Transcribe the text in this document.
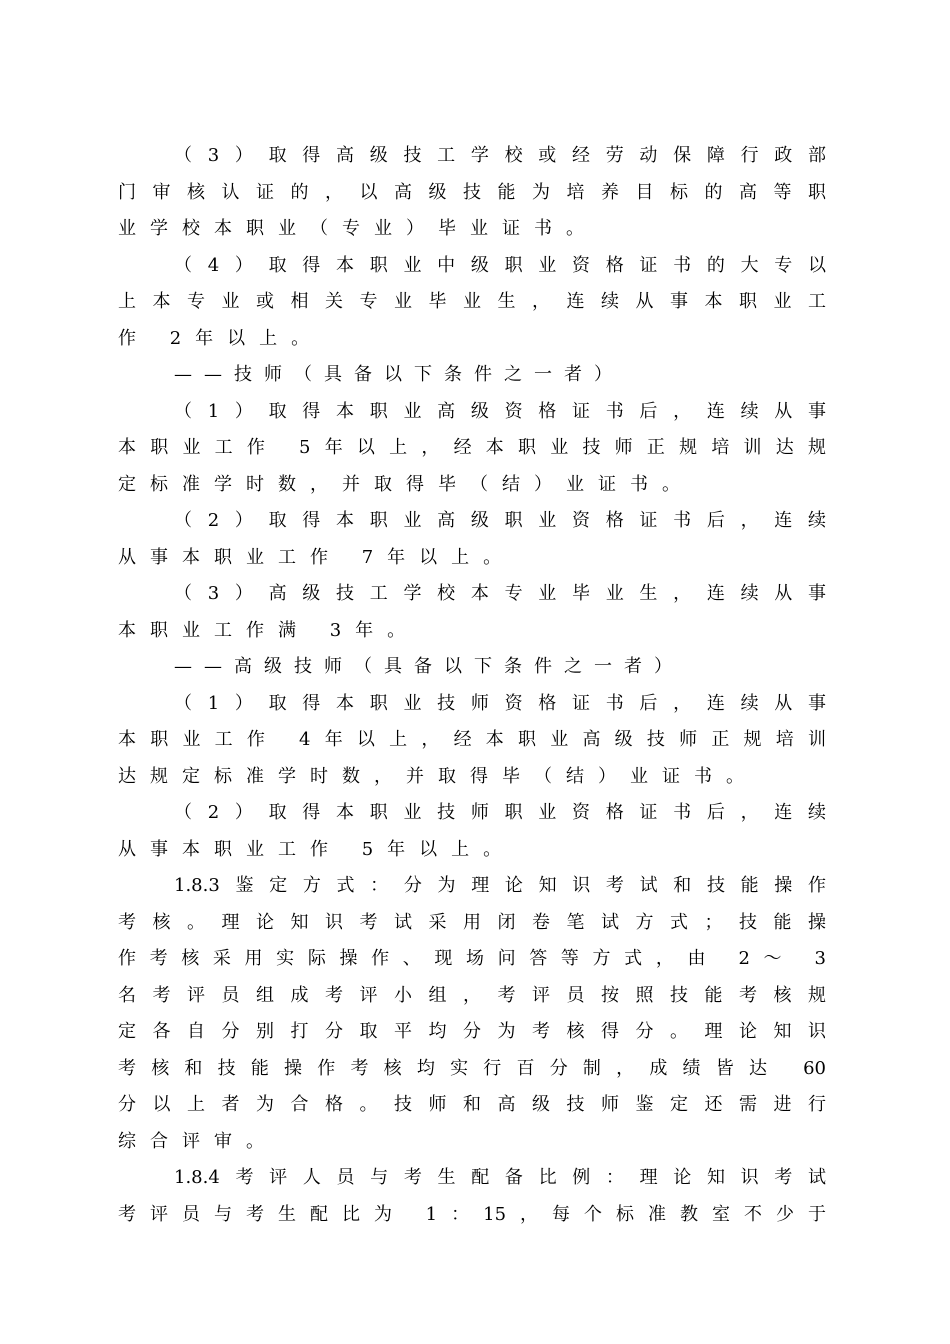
（3）取得高级技工学校或经劳动保障行政部
门审核认证的，以高级技能为培养目标的高等职
业学校本职业（专业）毕业证书。
（4）取得本职业中级职业资格证书的大专以
上本专业或相关专业毕业生，连续从事本职业工
作 2年以上。
——技师（具备以下条件之一者）
（1）取得本职业高级资格证书后，连续从事
本职业工作 5年以上，经本职业技师正规培训达规
定标准学时数，并取得毕（结）业证书。
（2）取得本职业高级职业资格证书后，连续
从事本职业工作 7年以上。
（3）高级技工学校本专业毕业生，连续从事
本职业工作满 3年。
——高级技师（具备以下条件之一者）
（1）取得本职业技师资格证书后，连续从事
本职业工作 4年以上，经本职业高级技师正规培训
达规定标准学时数，并取得毕（结）业证书。
（2）取得本职业技师职业资格证书后，连续
从事本职业工作 5年以上。
1.8.3鉴定方式：分为理论知识考试和技能操作
考核。理论知识考试采用闭卷笔试方式；技能操
作考核采用实际操作、现场问答等方式，由 2～ 3
名考评员组成考评小组，考评员按照技能考核规
定各自分别打分取平均分为考核得分。理论知识
考核和技能操作考核均实行百分制，成绩皆达 60
分以上者为合格。技师和高级技师鉴定还需进行
综合评审。
1.8.4考评人员与考生配备比例：理论知识考试
考评员与考生配比为 1：15，每个标准教室不少于
